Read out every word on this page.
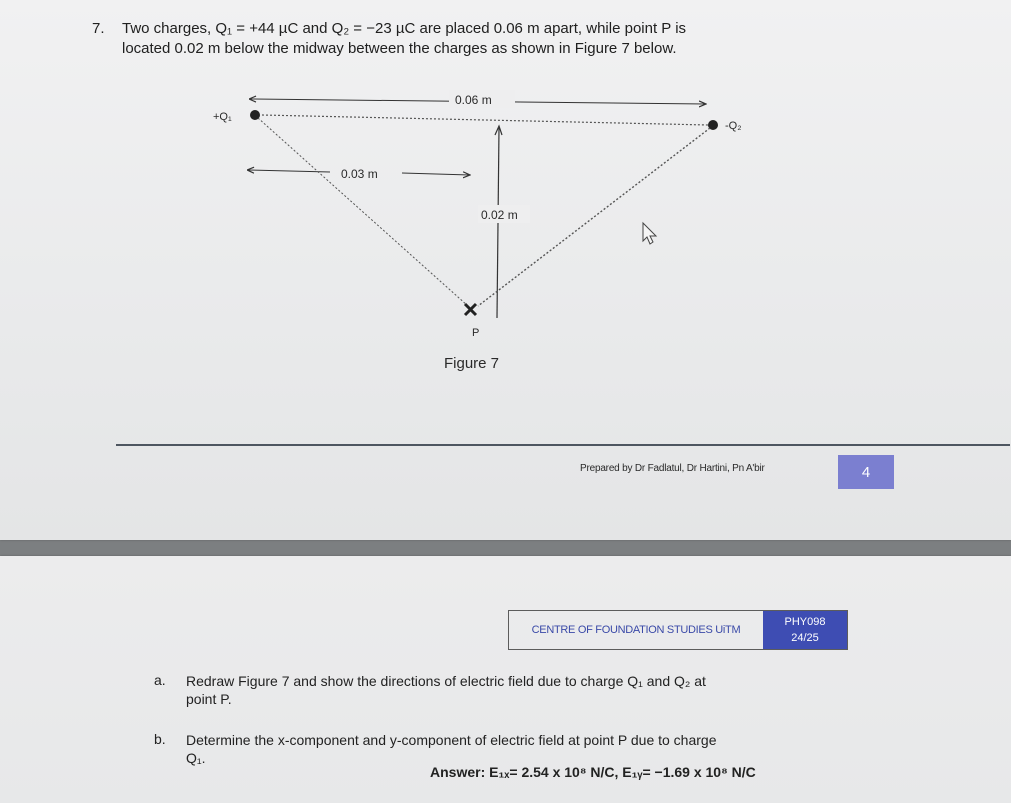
7. Two charges, Q₁ = +44 µC and Q₂ = −23 µC are placed 0.06 m apart, while point P is
located 0.02 m below the midway between the charges as shown in Figure 7 below.
0.06 m
+Q₁
-Q₂
0.03 m
0.02 m
P
Figure 7
Prepared by Dr Fadlatul, Dr Hartini, Pn A'bir	4
CENTRE OF FOUNDATION STUDIES UiTM
PHY098
24/25
a. Redraw Figure 7 and show the directions of electric field due to charge Q₁ and Q₂ at
point P.
b. Determine the x-component and y-component of electric field at point P due to charge
Q₁.
Answer: E₁ₓ= 2.54 x 10⁸ N/C, E₁ᵧ= −1.69 x 10⁸ N/C
